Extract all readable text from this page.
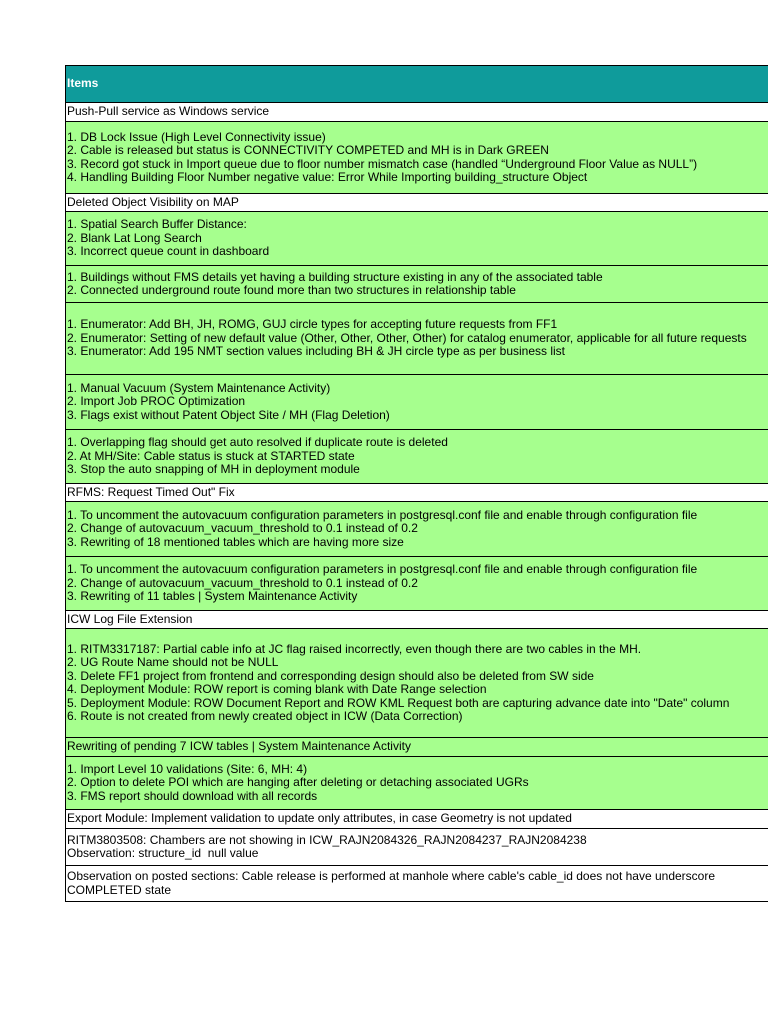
Items
Push-Pull service as Windows service
1. DB Lock Issue (High Level Connectivity issue)
2. Cable is released but status is CONNECTIVITY COMPETED and MH is in Dark GREEN
3. Record got stuck in Import queue due to floor number mismatch case (handled “Underground Floor Value as NULL”)
4. Handling Building Floor Number negative value: Error While Importing building_structure Object
Deleted Object Visibility on MAP
1. Spatial Search Buffer Distance:
2. Blank Lat Long Search
3. Incorrect queue count in dashboard
1. Buildings without FMS details yet having a building structure existing in any of the associated table
2. Connected underground route found more than two structures in relationship table
1. Enumerator: Add BH, JH, ROMG, GUJ circle types for accepting future requests from FF1
2. Enumerator: Setting of new default value (Other, Other, Other, Other) for catalog enumerator, applicable for all future requests
3. Enumerator: Add 195 NMT section values including BH & JH circle type as per business list
1. Manual Vacuum (System Maintenance Activity)
2. Import Job PROC Optimization
3. Flags exist without Patent Object Site / MH (Flag Deletion)
1. Overlapping flag should get auto resolved if duplicate route is deleted
2. At MH/Site: Cable status is stuck at STARTED state
3. Stop the auto snapping of MH in deployment module
RFMS: Request Timed Out" Fix
1. To uncomment the autovacuum configuration parameters in postgresql.conf file and enable through configuration file
2. Change of autovacuum_vacuum_threshold to 0.1 instead of 0.2
3. Rewriting of 18 mentioned tables which are having more size
1. To uncomment the autovacuum configuration parameters in postgresql.conf file and enable through configuration file
2. Change of autovacuum_vacuum_threshold to 0.1 instead of 0.2
3. Rewriting of 11 tables | System Maintenance Activity
ICW Log File Extension
1. RITM3317187: Partial cable info at JC flag raised incorrectly, even though there are two cables in the MH.
2. UG Route Name should not be NULL
3. Delete FF1 project from frontend and corresponding design should also be deleted from SW side
4. Deployment Module: ROW report is coming blank with Date Range selection
5. Deployment Module: ROW Document Report and ROW KML Request both are capturing advance date into "Date" column
6. Route is not created from newly created object in ICW (Data Correction)
Rewriting of pending 7 ICW tables | System Maintenance Activity
1. Import Level 10 validations (Site: 6, MH: 4)
2. Option to delete POI which are hanging after deleting or detaching associated UGRs
3. FMS report should download with all records
Export Module: Implement validation to update only attributes, in case Geometry is not updated
RITM3803508: Chambers are not showing in ICW_RAJN2084326_RAJN2084237_RAJN2084238
Observation: structure_id  null value
Observation on posted sections: Cable release is performed at manhole where cable's cable_id does not have underscore
COMPLETED state
